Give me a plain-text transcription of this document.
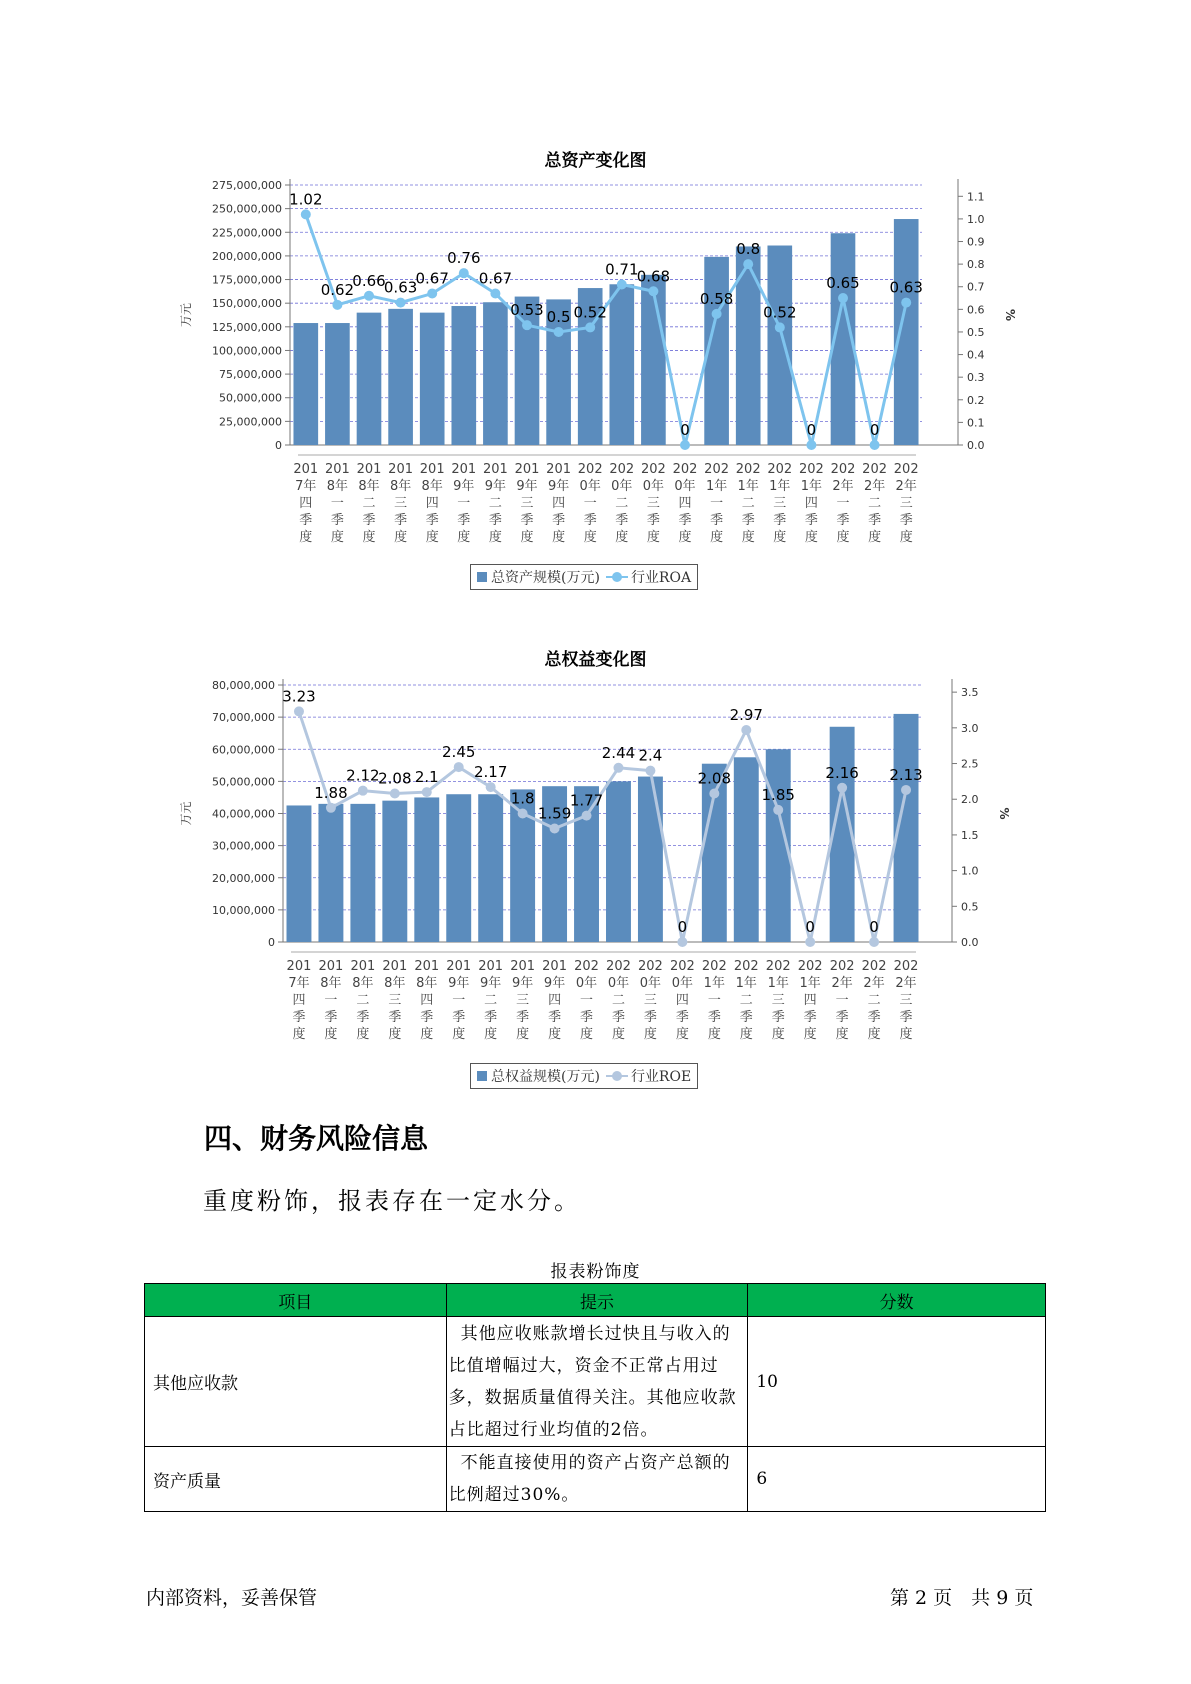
总资产变化图
275,000,000
250,000,000
225,000,000
200,000,000
175,000,000
150,000,000
125,000,000
100,000,000
75,000,000
50,000,000
25,000,000
0
1.1
1.0
0.9
0.8
0.7
0.6
0.5
0.4
0.3
0.2
0.1
0.0
万元	%
201 7年四季度
201 8年一季度
201 8年二季度
201 8年三季度
201 8年四季度
201 9年一季度
201 9年二季度
201 9年三季度
201 9年四季度
202 0年一季度
202 0年二季度
202 0年三季度
202 0年四季度
202 1年一季度
202 1年二季度
202 1年三季度
202 1年四季度
202 2年一季度
202 2年二季度
202 2年三季度
1.02
0.62
0.66
0.63
0.67
0.76
0.67
0.53 0.5 0.52
0.71
0.68
0
0.58
0.8
0.52
0
0.65
0
0.63
总资产规模(万元) 行业ROA
总权益变化图
80,000,000
70,000,000
60,000,000
50,000,000
40,000,000
30,000,000
20,000,000
10,000,000
0
3.5
3.0
2.5
2.0
1.5
1.0
0.5
0.0
万元	%
201 7年四季度
201 8年一季度
201 8年二季度
201 8年三季度
201 8年四季度
201 9年一季度
201 9年二季度
201 9年三季度
201 9年四季度
202 0年一季度
202 0年二季度
202 0年三季度
202 0年四季度
202 1年一季度
202 1年二季度
202 1年三季度
202 1年四季度
202 2年一季度
202 2年二季度
202 2年三季度
3.23
1.88
2.12
2.08 2.1
2.45
2.17
1.8
1.59
1.77
2.44 2.4
0
2.08
2.97
1.85
0
2.16
0
2.13
总权益规模(万元) 行业ROE
四、财务风险信息
重度粉饰，报表存在一定水分。
报表粉饰度
项目	提示	分数
其他应收款	其他应收账款增长过快且与收入的比值增幅过大，资金不正常占用过多，数据质量值得关注。其他应收款占比超过行业均值的2倍。	10
资产质量	不能直接使用的资产占资产总额的比例超过30%。	6
内部资料，妥善保管	第 2 页　共 9 页
